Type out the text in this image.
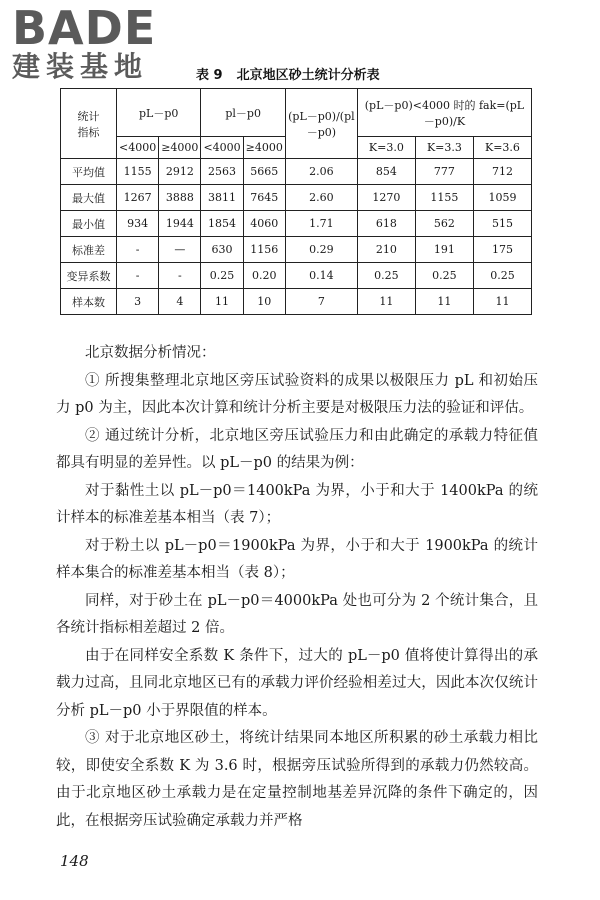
BADE
建装基地	表 9 北京地区砂土统计分析表
统计
指标	pL－p0		pl－p0		(pL－p0)/(pl－p0)	(pL－p0)<4000 时的 fak=(pL－p0)/K		
	<4000	≥4000	<4000	≥4000		K=3.0	K=3.3	K=3.6
平均值	1155	2912	2563	5665	2.06	854	777	712
最大值	1267	3888	3811	7645	2.60	1270	1155	1059
最小值	934	1944	1854	4060	1.71	618	562	515
标准差	-	—	630	1156	0.29	210	191	175
变异系数	-	-	0.25	0.20	0.14	0.25	0.25	0.25
样本数	3	4	11	10	7	11	11	11

北京数据分析情况：

① 所搜集整理北京地区旁压试验资料的成果以极限压力 pL 和初始压力 p0 为主，因此本次计算和统计分析主要是对极限压力法的验证和评估。

② 通过统计分析，北京地区旁压试验压力和由此确定的承载力特征值都具有明显的差异性。以 pL－p0 的结果为例：

对于黏性土以 pL－p0＝1400kPa 为界，小于和大于 1400kPa 的统计样本的标准差基本相当（表 7）；

对于粉土以 pL－p0＝1900kPa 为界，小于和大于 1900kPa 的统计样本集合的标准差基本相当（表 8）；

同样，对于砂土在 pL－p0＝4000kPa 处也可分为 2 个统计集合，且各统计指标相差超过 2 倍。

由于在同样安全系数 K 条件下，过大的 pL－p0 值将使计算得出的承载力过高，且同北京地区已有的承载力评价经验相差过大，因此本次仅统计分析 pL－p0 小于界限值的样本。

③ 对于北京地区砂土，将统计结果同本地区所积累的砂土承载力相比较，即使安全系数 K 为 3.6 时，根据旁压试验所得到的承载力仍然较高。由于北京地区砂土承载力是在定量控制地基差异沉降的条件下确定的，因此，在根据旁压试验确定承载力并严格

148
